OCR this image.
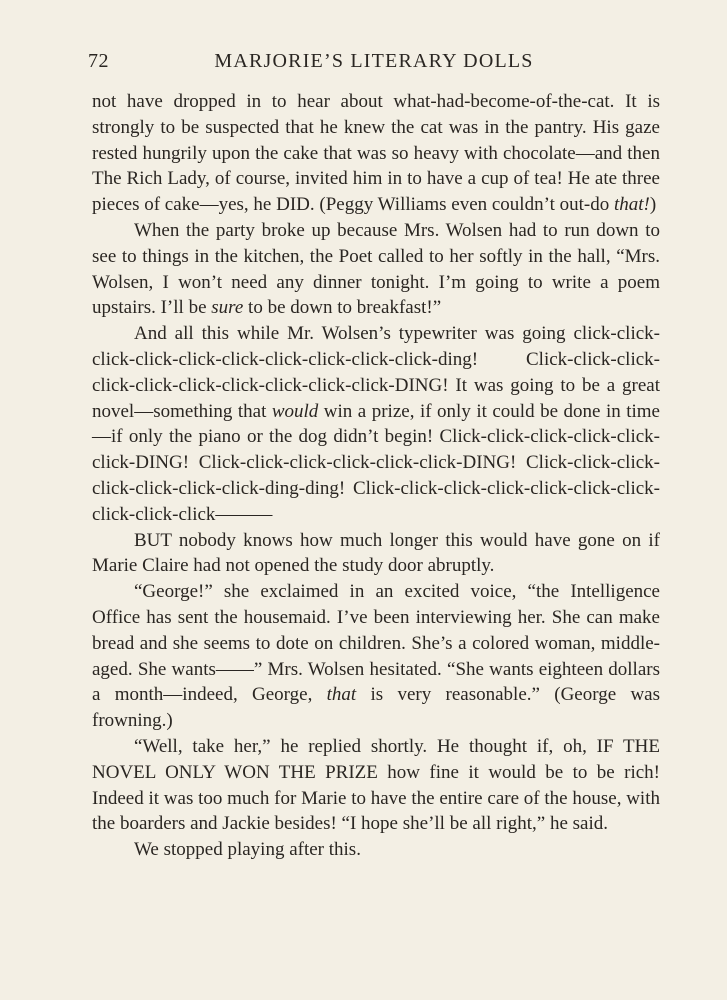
72	MARJORIE’S LITERARY DOLLS

not have dropped in to hear about what-had-become-of-the-cat. It is strongly to be suspected that he knew the cat was in the pantry. His gaze rested hungrily upon the cake that was so heavy with chocolate—and then The Rich Lady, of course, invited him in to have a cup of tea! He ate three pieces of cake—yes, he DID. (Peggy Williams even couldn’t out-do that!)

When the party broke up because Mrs. Wolsen had to run down to see to things in the kitchen, the Poet called to her softly in the hall, “Mrs. Wolsen, I won’t need any dinner tonight. I’m going to write a poem upstairs. I’ll be sure to be down to breakfast!”

And all this while Mr. Wolsen’s typewriter was going click-click-click-click-click-click-click-click-click-click-ding! Click-click-click-click-click-click-click-click-click-click-DING! It was going to be a great novel—something that would win a prize, if only it could be done in time—if only the piano or the dog didn’t begin! Click-click-click-click-click-click-DING! Click-click-click-click-click-click-DING! Click-click-click-click-click-click-click-ding-ding! Click-click-click-click-click-click-click-click-click-click———

BUT nobody knows how much longer this would have gone on if Marie Claire had not opened the study door abruptly.

“George!” she exclaimed in an excited voice, “the Intelligence Office has sent the housemaid. I’ve been interviewing her. She can make bread and she seems to dote on children. She’s a colored woman, middle-aged. She wants——” Mrs. Wolsen hesitated. “She wants eighteen dollars a month—indeed, George, that is very reasonable.” (George was frowning.)

“Well, take her,” he replied shortly. He thought if, oh, IF THE NOVEL ONLY WON THE PRIZE how fine it would be to be rich! Indeed it was too much for Marie to have the entire care of the house, with the boarders and Jackie besides! “I hope she’ll be all right,” he said.

We stopped playing after this.
